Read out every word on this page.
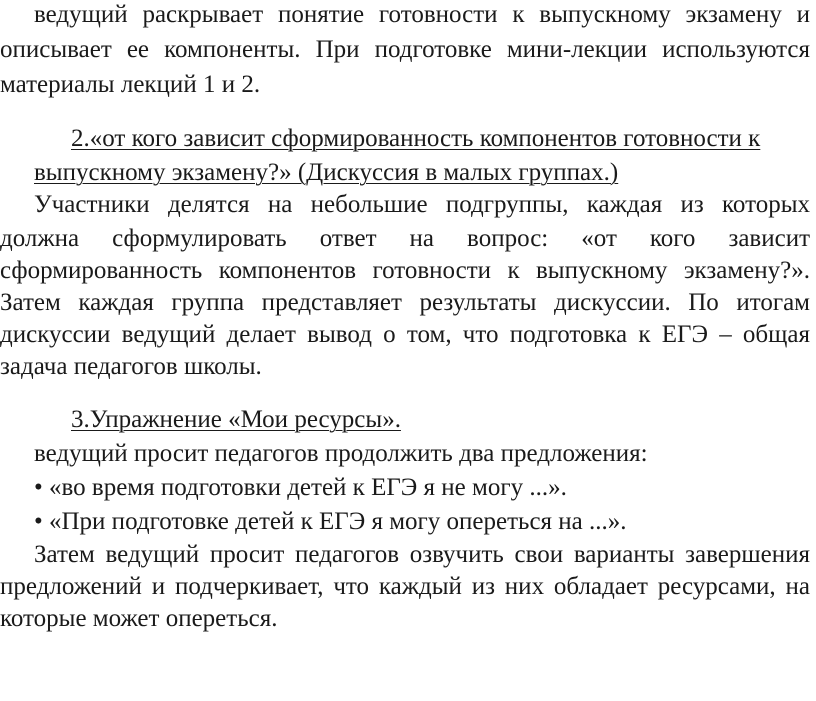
ведущий раскрывает понятие готовности к выпускному экзамену и
описывает ее компоненты. При подготовке мини-лекции используются
материалы лекций 1 и 2.
2.«от кого зависит сформированность компонентов готовности к
выпускному экзамену?» (Дискуссия в малых группах.)
Участники делятся на небольшие подгруппы, каждая из которых
должна сформулировать ответ на вопрос: «от кого зависит
сформированность компонентов готовности к выпускному экзамену?».
Затем каждая группа представляет результаты дискуссии. По итогам
дискуссии ведущий делает вывод о том, что подготовка к ЕГЭ – общая
задача педагогов школы.
3.Упражнение «Мои ресурсы».
ведущий просит педагогов продолжить два предложения:
• «во время подготовки детей к ЕГЭ я не могу ...».
• «При подготовке детей к ЕГЭ я могу опереться на ...».
Затем ведущий просит педагогов озвучить свои варианты завершения
предложений и подчеркивает, что каждый из них обладает ресурсами, на
которые может опереться.
